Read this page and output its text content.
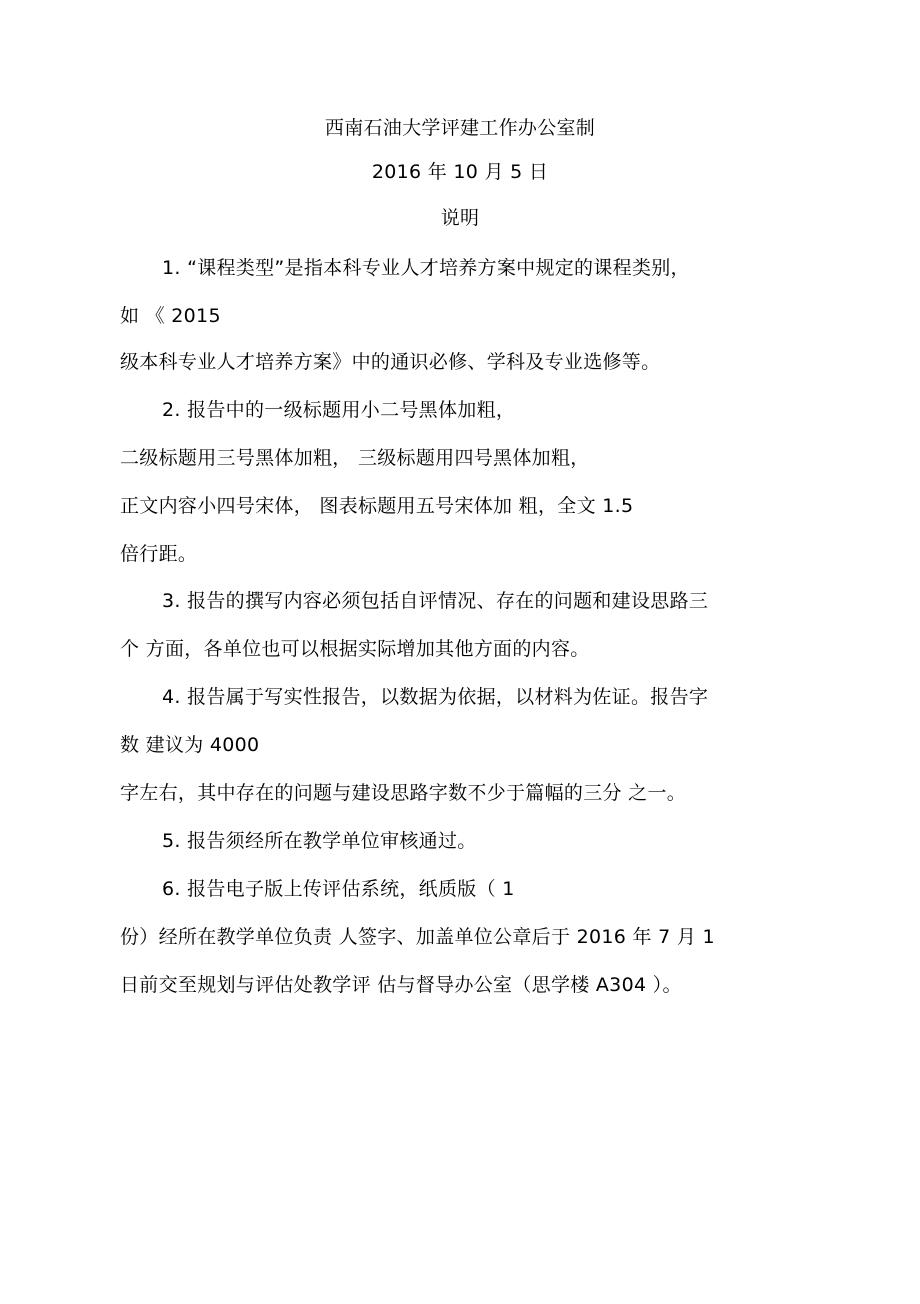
西南石油大学评建工作办公室制
2016 年 10 月 5 日
说明
1. “课程类型”是指本科专业人才培养方案中规定的课程类别，
如 《 2015
级本科专业人才培养方案》中的通识必修、学科及专业选修等。
2. 报告中的一级标题用小二号黑体加粗，
二级标题用三号黑体加粗， 三级标题用四号黑体加粗，
正文内容小四号宋体， 图表标题用五号宋体加 粗，全文 1.5
倍行距。
3. 报告的撰写内容必须包括自评情况、存在的问题和建设思路三
个 方面，各单位也可以根据实际增加其他方面的内容。
4. 报告属于写实性报告，以数据为依据，以材料为佐证。报告字
数 建议为 4000
字左右，其中存在的问题与建设思路字数不少于篇幅的三分 之一。
5. 报告须经所在教学单位审核通过。
6. 报告电子版上传评估系统，纸质版（ 1
份）经所在教学单位负责 人签字、加盖单位公章后于 2016 年 7 月 1
日前交至规划与评估处教学评 估与督导办公室（思学楼 A304 ）。
